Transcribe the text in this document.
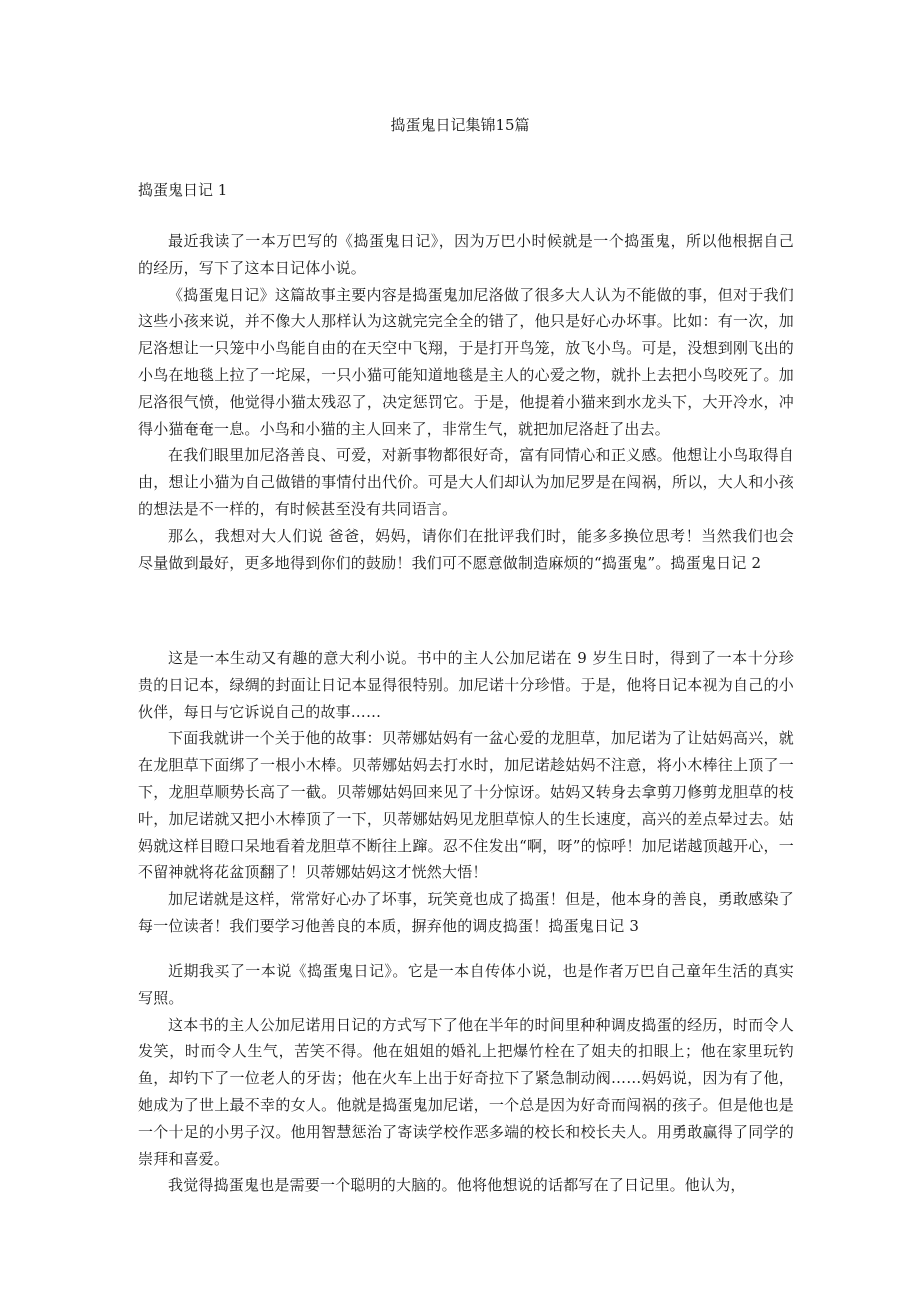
捣蛋鬼日记集锦15篇
捣蛋鬼日记 1

最近我读了一本万巴写的《捣蛋鬼日记》，因为万巴小时候就是一个捣蛋鬼，所以他根据自己的经历，写下了这本日记体小说。

《捣蛋鬼日记》这篇故事主要内容是捣蛋鬼加尼洛做了很多大人认为不能做的事，但对于我们这些小孩来说，并不像大人那样认为这就完完全全的错了，他只是好心办坏事。比如：有一次，加尼洛想让一只笼中小鸟能自由的在天空中飞翔，于是打开鸟笼，放飞小鸟。可是，没想到刚飞出的小鸟在地毯上拉了一坨屎，一只小猫可能知道地毯是主人的心爱之物，就扑上去把小鸟咬死了。加尼洛很气愤，他觉得小猫太残忍了，决定惩罚它。于是，他提着小猫来到水龙头下，大开冷水，冲得小猫奄奄一息。小鸟和小猫的主人回来了，非常生气，就把加尼洛赶了出去。

在我们眼里加尼洛善良、可爱，对新事物都很好奇，富有同情心和正义感。他想让小鸟取得自由，想让小猫为自己做错的事情付出代价。可是大人们却认为加尼罗是在闯祸，所以，大人和小孩的想法是不一样的，有时候甚至没有共同语言。

那么，我想对大人们说 爸爸，妈妈，请你们在批评我们时，能多多换位思考！当然我们也会尽量做到最好，更多地得到你们的鼓励！我们可不愿意做制造麻烦的“捣蛋鬼”。捣蛋鬼日记 2

这是一本生动又有趣的意大利小说。书中的主人公加尼诺在 9 岁生日时，得到了一本十分珍贵的日记本，绿绸的封面让日记本显得很特别。加尼诺十分珍惜。于是，他将日记本视为自己的小伙伴，每日与它诉说自己的故事……

下面我就讲一个关于他的故事：贝蒂娜姑妈有一盆心爱的龙胆草，加尼诺为了让姑妈高兴，就在龙胆草下面绑了一根小木棒。贝蒂娜姑妈去打水时，加尼诺趁姑妈不注意，将小木棒往上顶了一下，龙胆草顺势长高了一截。贝蒂娜姑妈回来见了十分惊讶。姑妈又转身去拿剪刀修剪龙胆草的枝叶，加尼诺就又把小木棒顶了一下，贝蒂娜姑妈见龙胆草惊人的生长速度，高兴的差点晕过去。姑妈就这样目瞪口呆地看着龙胆草不断往上蹿。忍不住发出“啊，呀”的惊呼！加尼诺越顶越开心，一不留神就将花盆顶翻了！贝蒂娜姑妈这才恍然大悟！

加尼诺就是这样，常常好心办了坏事，玩笑竟也成了捣蛋！但是，他本身的善良，勇敢感染了每一位读者！我们要学习他善良的本质，摒弃他的调皮捣蛋！捣蛋鬼日记 3

近期我买了一本说《捣蛋鬼日记》。它是一本自传体小说，也是作者万巴自己童年生活的真实写照。

这本书的主人公加尼诺用日记的方式写下了他在半年的时间里种种调皮捣蛋的经历，时而令人发笑，时而令人生气，苦笑不得。他在姐姐的婚礼上把爆竹栓在了姐夫的扣眼上；他在家里玩钓鱼，却钓下了一位老人的牙齿；他在火车上出于好奇拉下了紧急制动阀……妈妈说，因为有了他，她成为了世上最不幸的女人。他就是捣蛋鬼加尼诺，一个总是因为好奇而闯祸的孩子。但是他也是一个十足的小男子汉。他用智慧惩治了寄读学校作恶多端的校长和校长夫人。用勇敢赢得了同学的崇拜和喜爱。

我觉得捣蛋鬼也是需要一个聪明的大脑的。他将他想说的话都写在了日记里。他认为，
